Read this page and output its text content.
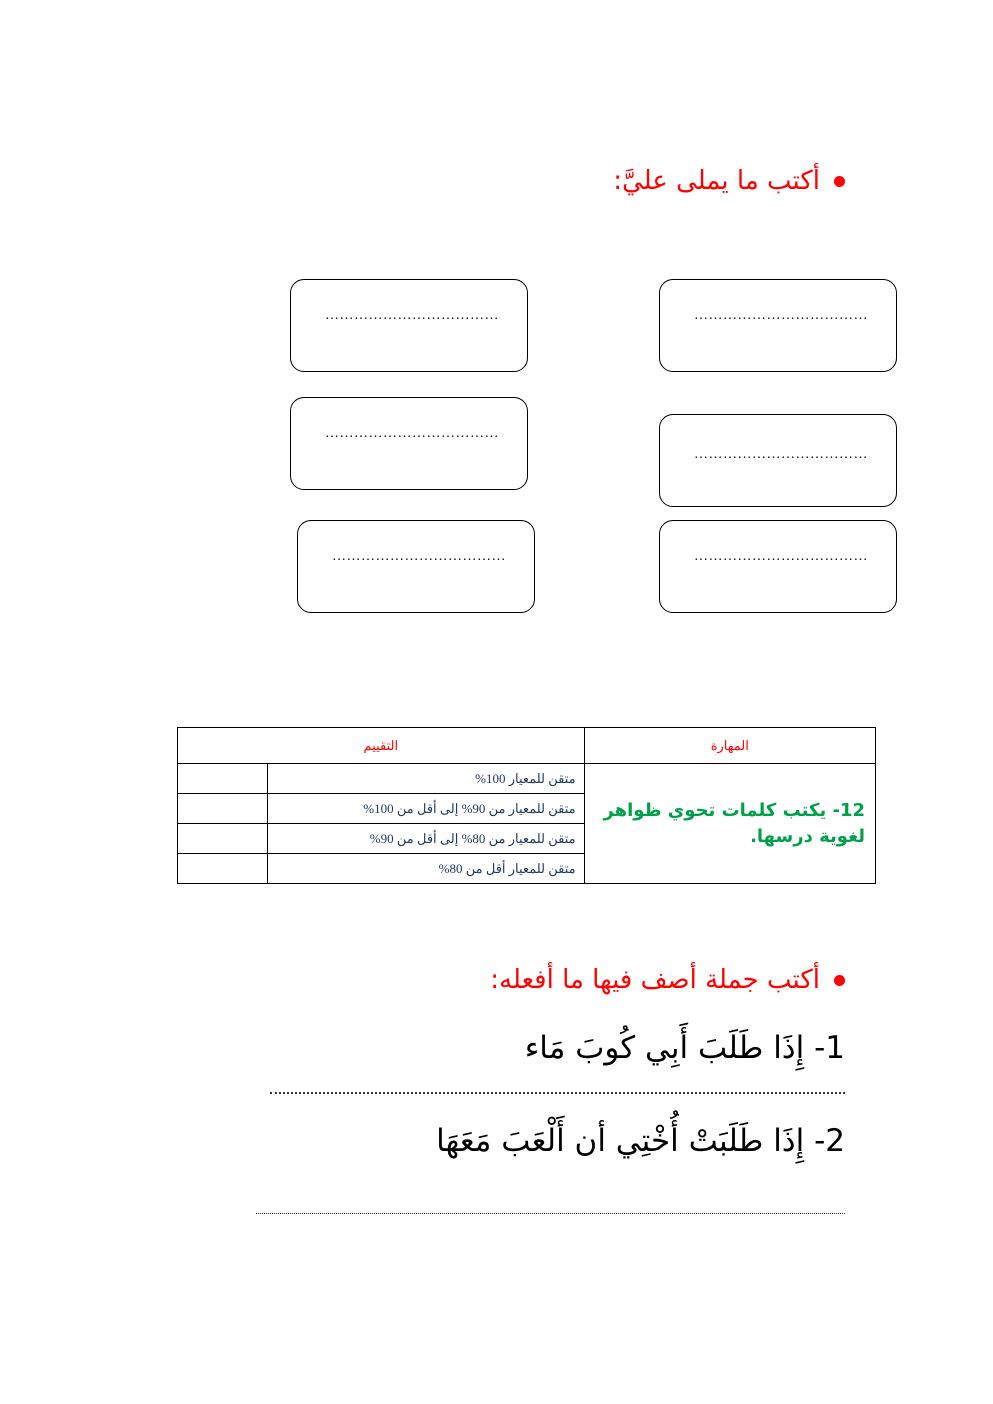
أكتب ما يملى عليَّ:
………………………………
………………………………
………………………………
………………………………
………………………………
………………………………
المهارة	التقييم	
12- يكتب كلمات تحوي ظواهر لغوية درسها.	متقن للمعيار 100%	
	متقن للمعيار من 90% إلى أقل من 100%	
	متقن للمعيار من 80% إلى أقل من 90%	
	متقن للمعيار أقل من 80%	
أكتب جملة أصف فيها ما أفعله:
1- إِذَا طَلَبَ أَبِي كُوبَ مَاء
2- إِذَا طَلَبَتْ أُخْتِي أن أَلْعَبَ مَعَهَا
